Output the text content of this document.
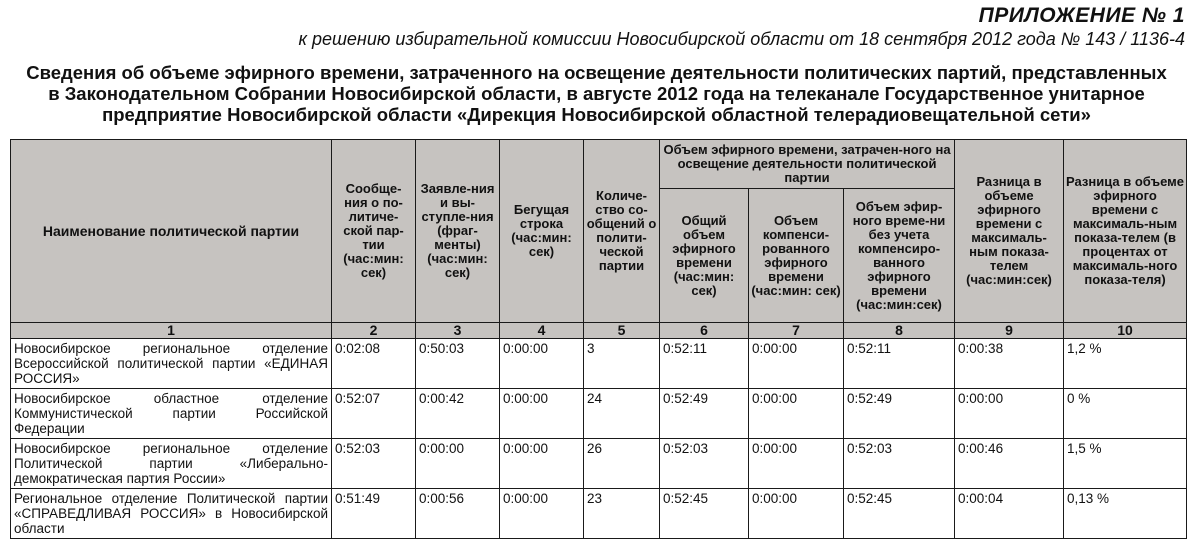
ПРИЛОЖЕНИЕ № 1
к решению избирательной комиссии Новосибирской области от 18 сентября 2012 года № 143 / 1136-4
Сведения об объеме эфирного времени, затраченного на освещение деятельности политических партий, представленных
в Законодательном Собрании Новосибирской области, в августе 2012 года на телеканале Государственное унитарное
предприятие Новосибирской области «Дирекция Новосибирской областной телерадиовещательной сети»
Наименование политической партии	Сообще-ния о по-литиче-ской пар-тии (час:мин: сек)	Заявле-ния и вы-ступле-ния (фраг-менты) (час:мин: сек)	Бегущая строка (час:мин: сек)	Количе-ство со-общений о полити-ческой партии	Объем эфирного времени, затрачен-ного на освещение деятельности политической партии			Разница в объеме эфирного времени с максималь-ным показа-телем (час:мин:сек)	Разница в объеме эфирного времени с максималь-ным показа-телем (в процентах от максималь-ного показа-теля)
					Общий объем эфирного времени (час:мин: сек)	Объем компенси-рованного эфирного времени (час:мин: сек)	Объем эфир-ного време-ни без учета компенсиро-ванного эфирного времени (час:мин:сек)		
1	2	3	4	5	6	7	8	9	10
Новосибирское региональное отделение Всероссийской политической партии «ЕДИНАЯ РОССИЯ»	0:02:08	0:50:03	0:00:00	3	0:52:11	0:00:00	0:52:11	0:00:38	1,2 %
Новосибирское областное отделение Коммунистической партии Российской Федерации	0:52:07	0:00:42	0:00:00	24	0:52:49	0:00:00	0:52:49	0:00:00	0 %
Новосибирское региональное отделение Политической партии «Либерально-демократическая партия России»	0:52:03	0:00:00	0:00:00	26	0:52:03	0:00:00	0:52:03	0:00:46	1,5 %
Региональное отделение Политической партии «СПРАВЕДЛИВАЯ РОССИЯ» в Новосибирской области	0:51:49	0:00:56	0:00:00	23	0:52:45	0:00:00	0:52:45	0:00:04	0,13 %
